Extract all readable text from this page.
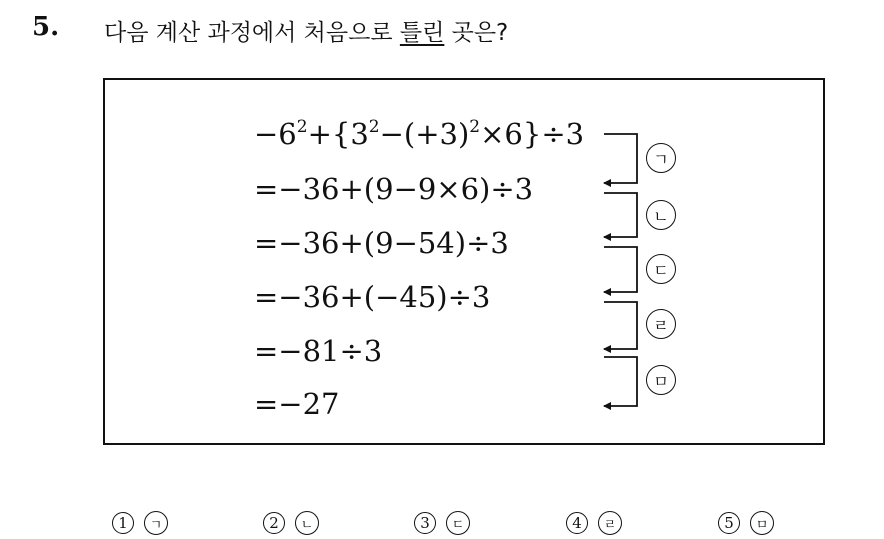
5. 다음 계산 과정에서 처음으로 틀린 곳은?
$-6^2+\{3^2-(+3)^2\times 6\}\div 3$
=−36+(9−9×6)÷3
=−36+(9−54)÷3
=−36+(−45)÷3
=−81÷3
=−27
ㄱ
ㄴ
ㄷ
ㄹ
ㅁ
1	ㄱ	2	ㄴ	3	ㄷ	4	ㄹ	5	ㅁ
